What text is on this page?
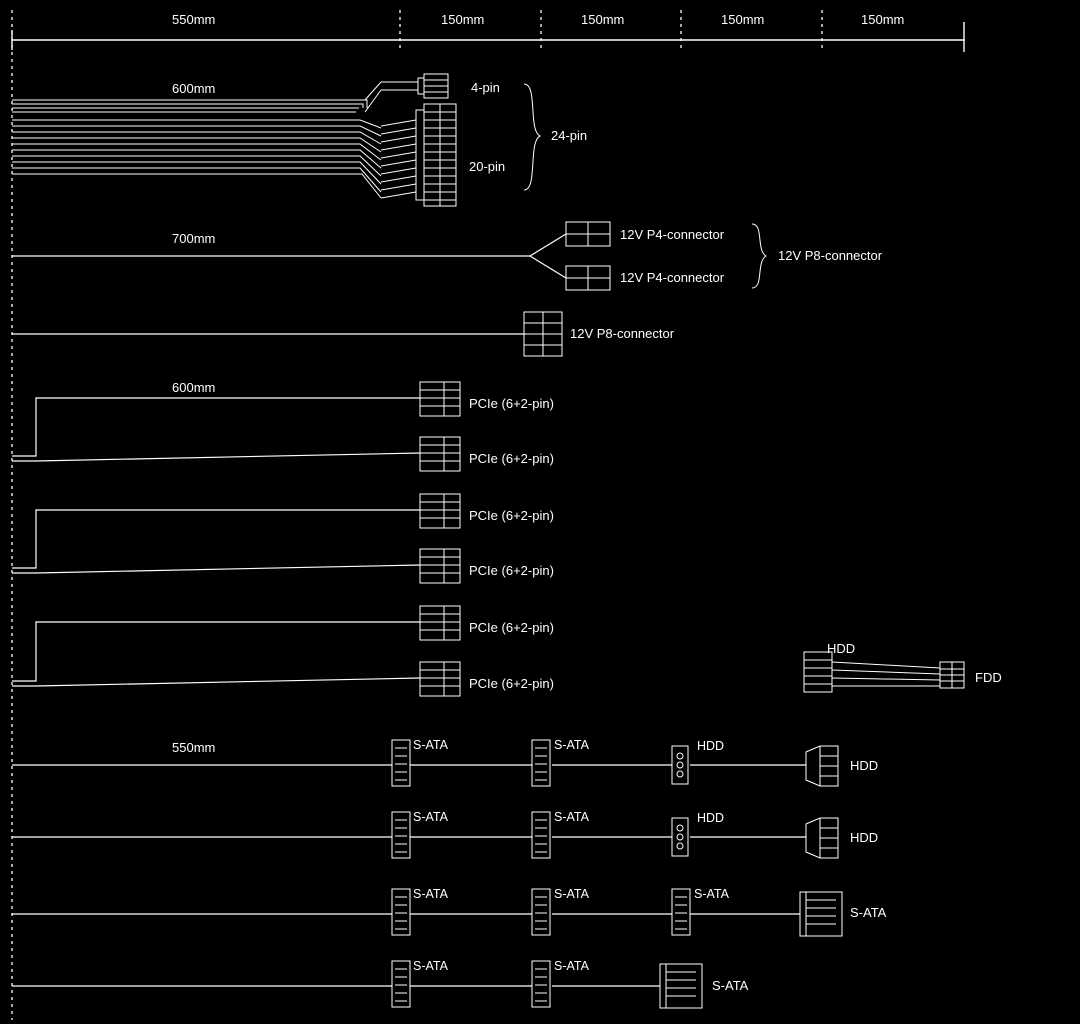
550mm	150mm	150mm	150mm	150mm
600mm	4-pin
20-pin
24-pin
700mm	12V P4-connector
12V P4-connector
12V P8-connector
12V P8-connector
600mm
PCIe (6+2-pin)
PCIe (6+2-pin)
PCIe (6+2-pin)
PCIe (6+2-pin)
PCIe (6+2-pin)
PCIe (6+2-pin)
HDD
FDD
550mm	S-ATA	S-ATA	HDD
HDD
S-ATA	S-ATA	HDD
HDD
S-ATA	S-ATA	S-ATA
S-ATA
S-ATA	S-ATA
S-ATA
